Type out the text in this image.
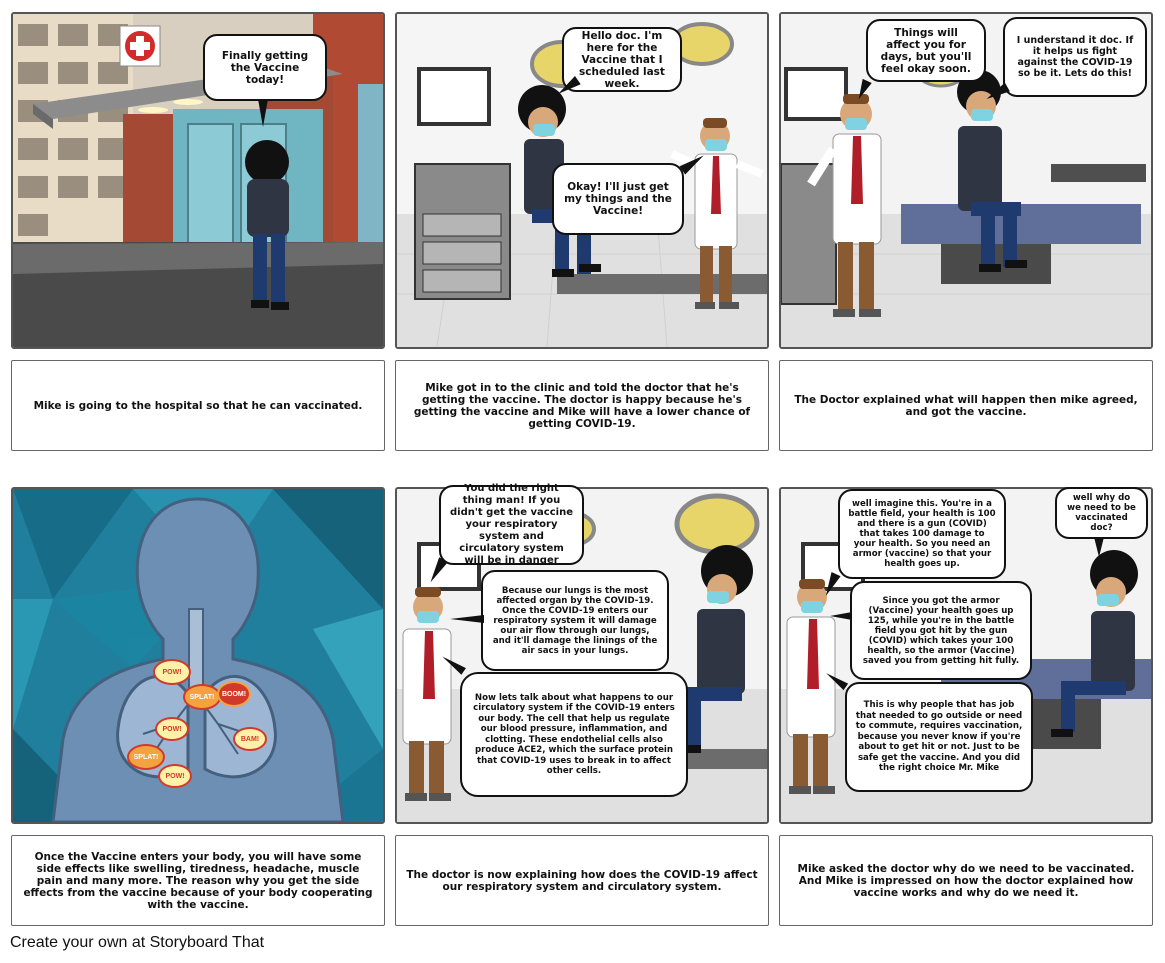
Finally getting the Vaccine today!
Mike is going to the hospital so that he can vaccinated.
Hello doc. I'm here for the Vaccine that I scheduled last week.
Okay! I'll just get my things and the Vaccine!
Mike got in to the clinic and told the doctor that he's getting the vaccine. The doctor is happy because he's getting the vaccine and Mike will have a lower chance of getting COVID-19.
Things will affect you for days, but you'll feel okay soon.
I understand it doc. If it helps us fight against the COVID-19 so be it. Lets do this!
The Doctor explained what will happen then mike agreed, and got the vaccine.
POW!
SPLAT! BOOM!
POW!
BAM!
SPLAT!
POW!
Once the Vaccine enters your body, you will have some side effects like swelling, tiredness, headache, muscle pain and many more. The reason why you get the side effects from the vaccine because of your body cooperating with the vaccine.
You did the right thing man! If you didn't get the vaccine your respiratory system and circulatory system will be in danger
Because our lungs is the most affected organ by the COVID-19. Once the COVID-19 enters our respiratory system it will damage our air flow through our lungs, and it'll damage the linings of the air sacs in your lungs.
Now lets talk about what happens to our circulatory system if the COVID-19 enters our body. The cell that help us regulate our blood pressure, inflammation, and clotting. These endothelial cells also produce ACE2, which the surface protein that COVID-19 uses to break in to affect other cells.
The doctor is now explaining how does the COVID-19 affect our respiratory system and circulatory system.
well imagine this. You're in a battle field, your health is 100 and there is a gun (COVID) that takes 100 damage to your health. So you need an armor (vaccine) so that your health goes up.
well why do we need to be vaccinated doc?
Since you got the armor (Vaccine) your health goes up 125, while you're in the battle field you got hit by the gun (COVID) which takes your 100 health, so the armor (Vaccine) saved you from getting hit fully.
This is why people that has job that needed to go outside or need to commute, requires vaccination, because you never know if you're about to get hit or not. Just to be safe get the vaccine. And you did the right choice Mr. Mike
Mike asked the doctor why do we need to be vaccinated. And Mike is impressed on how the doctor explained how vaccine works and why do we need it.
Create your own at Storyboard That
